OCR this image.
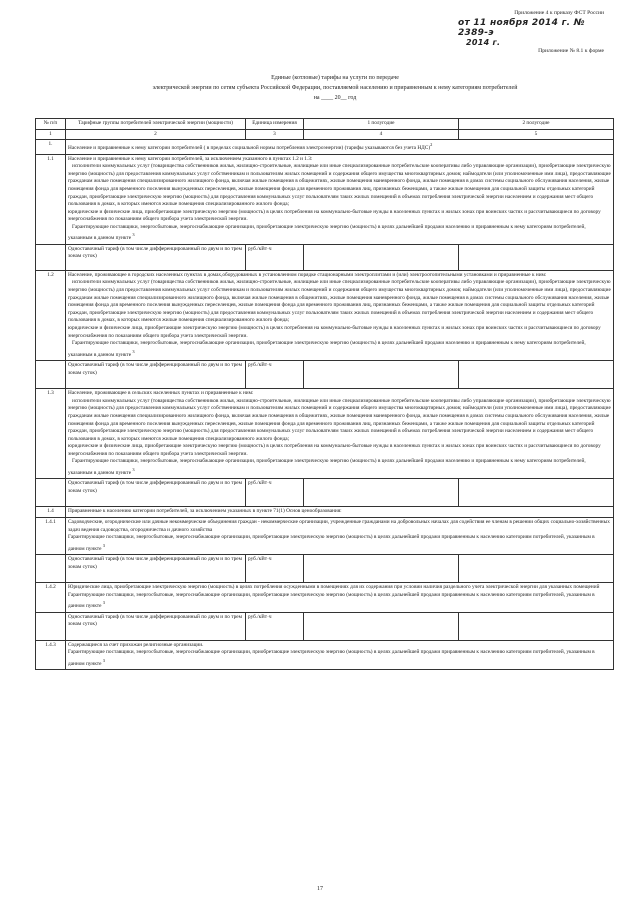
Приложение 4 к приказу ФСТ России
от 11 ноября 2014 г. № 2389-э
2014 г.
Приложение № 8.1 к форме
Единые (котловые) тарифы на услуги по передаче
электрической энергии по сетям субъекта Российской Федерации, поставляемой населению и приравненным к нему категориям потребителей
на ____ 20__ год
№ п/п	Тарифные группы потребителей электрической энергии (мощности)	Единица измерения	1 полугодие	2 полугодие
1	2	3	4	5
1.	Население и приравненные к нему категории потребителей ( в пределах социальной нормы потребления электроэнергии) (тарифы указываются без учета НДС)$^2$
1.1	Население и приравненные к нему категории потребителей, за исключением указанного в пунктах 1.2 и 1.3:
исполнители коммунальных услуг (товарищества собственников жилья, жилищно-строительные, жилищные или иные специализированные потребительские кооперативы либо управляющие организации), приобретающие электрическую энергию (мощность) для предоставления коммунальных услуг собственникам и пользователям жилых помещений и содержания общего имущества многоквартирных домов; наймодатели (или уполномоченные ими лица), предоставляющие гражданам жилые помещения специализированного жилищного фонда, включая жилые помещения в общежитиях, жилые помещения маневренного фонда, жилые помещения в домах системы социального обслуживания населения, жилые помещения фонда для временного поселения вынужденных переселенцев, жилые помещения фонда для временного проживания лиц, признанных беженцами, а также жилые помещения для социальной защиты отдельных категорий граждан, приобретающие электрическую энергию (мощность) для предоставления коммунальных услуг пользователям таких жилых помещений в объемах потребления электрической энергии населением и содержания мест общего пользования в домах, в которых имеются жилые помещения специализированного жилого фонда;
юридические и физические лица, приобретающие электрическую энергию (мощность) в целях потребления на коммунально-бытовые нужды в населенных пунктах и жилых зонах при воинских частях и рассчитывающиеся по договору энергоснабжения по показаниям общего прибора учета электрической энергии.
Гарантирующие поставщики, энергосбытовые, энергоснабжающие организации, приобретающие электрическую энергию (мощность) в целях дальнейшей продажи населению и приравненным к нему категориям потребителей, указанным в данном пункте $^3$

	Одноставочный тариф (в том числе дифференцированный по двум и по трем зонам суток)	руб./кВт·ч		
1.2	Население, проживающее в городских населенных пунктах в домах,оборудованных в установленном порядке стационарными электроплитами и (или) электроотопительными установками и приравненные к ним:
исполнители коммунальных услуг (товарищества собственников жилья, жилищно-строительные, жилищные или иные специализированные потребительские кооперативы либо управляющие организации), приобретающие электрическую энергию (мощность) для предоставления коммунальных услуг собственникам и пользователям жилых помещений и содержания общего имущества многоквартирных домов; наймодатели (или уполномоченные ими лица), предоставляющие гражданам жилые помещения специализированного жилищного фонда, включая жилые помещения в общежитиях, жилые помещения маневренного фонда, жилые помещения в домах системы социального обслуживания населения, жилые помещения фонда для временного поселения вынужденных переселенцев, жилые помещения фонда для временного проживания лиц, признанных беженцами, а также жилые помещения для социальной защиты отдельных категорий граждан, приобретающие электрическую энергию (мощность) для предоставления коммунальных услуг пользователям таких жилых помещений в объемах потребления электрической энергии населением и содержания мест общего пользования в домах, в которых имеются жилые помещения специализированного жилого фонда;
юридические и физические лица, приобретающие электрическую энергию (мощность) в целях потребления на коммунально-бытовые нужды в населенных пунктах и жилых зонах при воинских частях и рассчитывающиеся по договору энергоснабжения по показаниям общего прибора учета электрической энергии.
Гарантирующие поставщики, энергосбытовые, энергоснабжающие организации, приобретающие электрическую энергию (мощность) в целях дальнейшей продажи населению и приравненным к нему категориям потребителей, указанным в данном пункте $^3$

	Одноставочный тариф (в том числе дифференцированный по двум и по трем зонам суток)	руб./кВт·ч		
1.3	Население, проживающее в сельских населенных пунктах и приравненные к ним:
исполнители коммунальных услуг (товарищества собственников жилья, жилищно-строительные, жилищные или иные специализированные потребительские кооперативы либо управляющие организации), приобретающие электрическую энергию (мощность) для предоставления коммунальных услуг собственникам и пользователям жилых помещений и содержания общего имущества многоквартирных домов; наймодатели (или уполномоченные ими лица), предоставляющие гражданам жилые помещения специализированного жилищного фонда, включая жилые помещения в общежитиях, жилые помещения маневренного фонда, жилые помещения в домах системы социального обслуживания населения, жилые помещения фонда для временного поселения вынужденных переселенцев, жилые помещения фонда для временного проживания лиц, признанных беженцами, а также жилые помещения для социальной защиты отдельных категорий граждан, приобретающие электрическую энергию (мощность) для предоставления коммунальных услуг пользователям таких жилых помещений в объемах потребления электрической энергии населением и содержания мест общего пользования в домах, в которых имеются жилые помещения специализированного жилого фонда;
юридические и физические лица, приобретающие электрическую энергию (мощность) в целях потребления на коммунально-бытовые нужды в населенных пунктах и жилых зонах при воинских частях и рассчитывающиеся по договору энергоснабжения по показаниям общего прибора учета электрической энергии.
Гарантирующие поставщики, энергосбытовые, энергоснабжающие организации, приобретающие электрическую энергию (мощность) в целях дальнейшей продажи населению и приравненным к нему категориям потребителей, указанным в данном пункте $^3$

	Одноставочный тариф (в том числе дифференцированный по двум и по трем зонам суток)	руб./кВт·ч		
1.4	Приравненные к населению категории потребителей, за исключением указанных в пункте 71(1) Основ ценообразования:			
1.4.1	Садоводческие, огороднические или дачные некоммерческие объединения граждан - некоммерческие организации, учрежденные гражданами на добровольных началах для содействия ее членам в решении общих социально-хозяйственных задач ведения садоводства, огородничества и дачного хозяйства
Гарантирующие поставщики, энергосбытовые, энергоснабжающие организации, приобретающие электрическую энергию (мощность) в целях дальнейшей продажи приравненным к населению категориям потребителей, указанным в данном пункте $^3$

	Одноставочный тариф (в том числе дифференцированный по двум и по трем зонам суток)	руб./кВт·ч		
1.4.2	Юридические лица, приобретающие электрическую энергию (мощность) в целях потребления осужденными в помещениях для их содержания при условии наличия раздельного учета электрической энергии для указанных помещений
Гарантирующие поставщики, энергосбытовые, энергоснабжающие организации, приобретающие электрическую энергию (мощность) в целях дальнейшей продажи приравненным к населению категориям потребителей, указанным в данном пункте $^3$

	Одноставочный тариф (в том числе дифференцированный по двум и по трем зонам суток)	руб./кВт·ч		
1.4.3	Содержащиеся за счет прихожан религиозные организации.
Гарантирующие поставщики, энергосбытовые, энергоснабжающие организации, приобретающие электрическую энергию (мощность) в целях дальнейшей продажи приравненным к населению категориям потребителей, указанным в данном пункте $^3$
17
